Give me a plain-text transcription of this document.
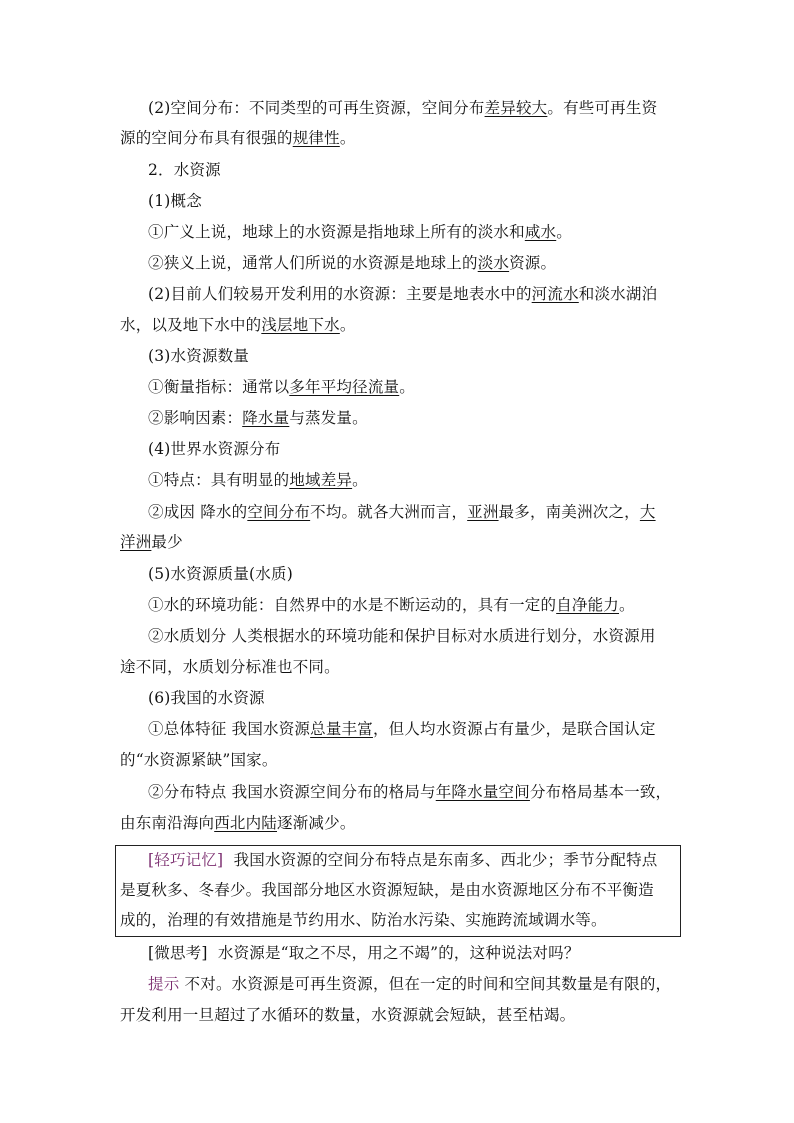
(2)空间分布：不同类型的可再生资源，空间分布差异较大。有些可再生资
源的空间分布具有很强的规律性。
2．水资源
(1)概念
①广义上说，地球上的水资源是指地球上所有的淡水和咸水。
②狭义上说，通常人们所说的水资源是地球上的淡水资源。
(2)目前人们较易开发利用的水资源：主要是地表水中的河流水和淡水湖泊
水，以及地下水中的浅层地下水。
(3)水资源数量
①衡量指标：通常以多年平均径流量。
②影响因素：降水量与蒸发量。
(4)世界水资源分布
①特点：具有明显的地域差异。
②成因 降水的空间分布不均。就各大洲而言，亚洲最多，南美洲次之，大
洋洲最少
(5)水资源质量(水质)
①水的环境功能：自然界中的水是不断运动的，具有一定的自净能力。
②水质划分 人类根据水的环境功能和保护目标对水质进行划分，水资源用
途不同，水质划分标准也不同。
(6)我国的水资源
①总体特征 我国水资源总量丰富，但人均水资源占有量少，是联合国认定
的“水资源紧缺”国家。
②分布特点 我国水资源空间分布的格局与年降水量空间分布格局基本一致，
由东南沿海向西北内陆逐渐减少。
[轻巧记忆] 我国水资源的空间分布特点是东南多、西北少；季节分配特点
是夏秋多、冬春少。我国部分地区水资源短缺，是由水资源地区分布不平衡造
成的，治理的有效措施是节约用水、防治水污染、实施跨流域调水等。
[微思考] 水资源是“取之不尽，用之不竭”的，这种说法对吗？
提示 不对。水资源是可再生资源，但在一定的时间和空间其数量是有限的，
开发利用一旦超过了水循环的数量，水资源就会短缺，甚至枯竭。
